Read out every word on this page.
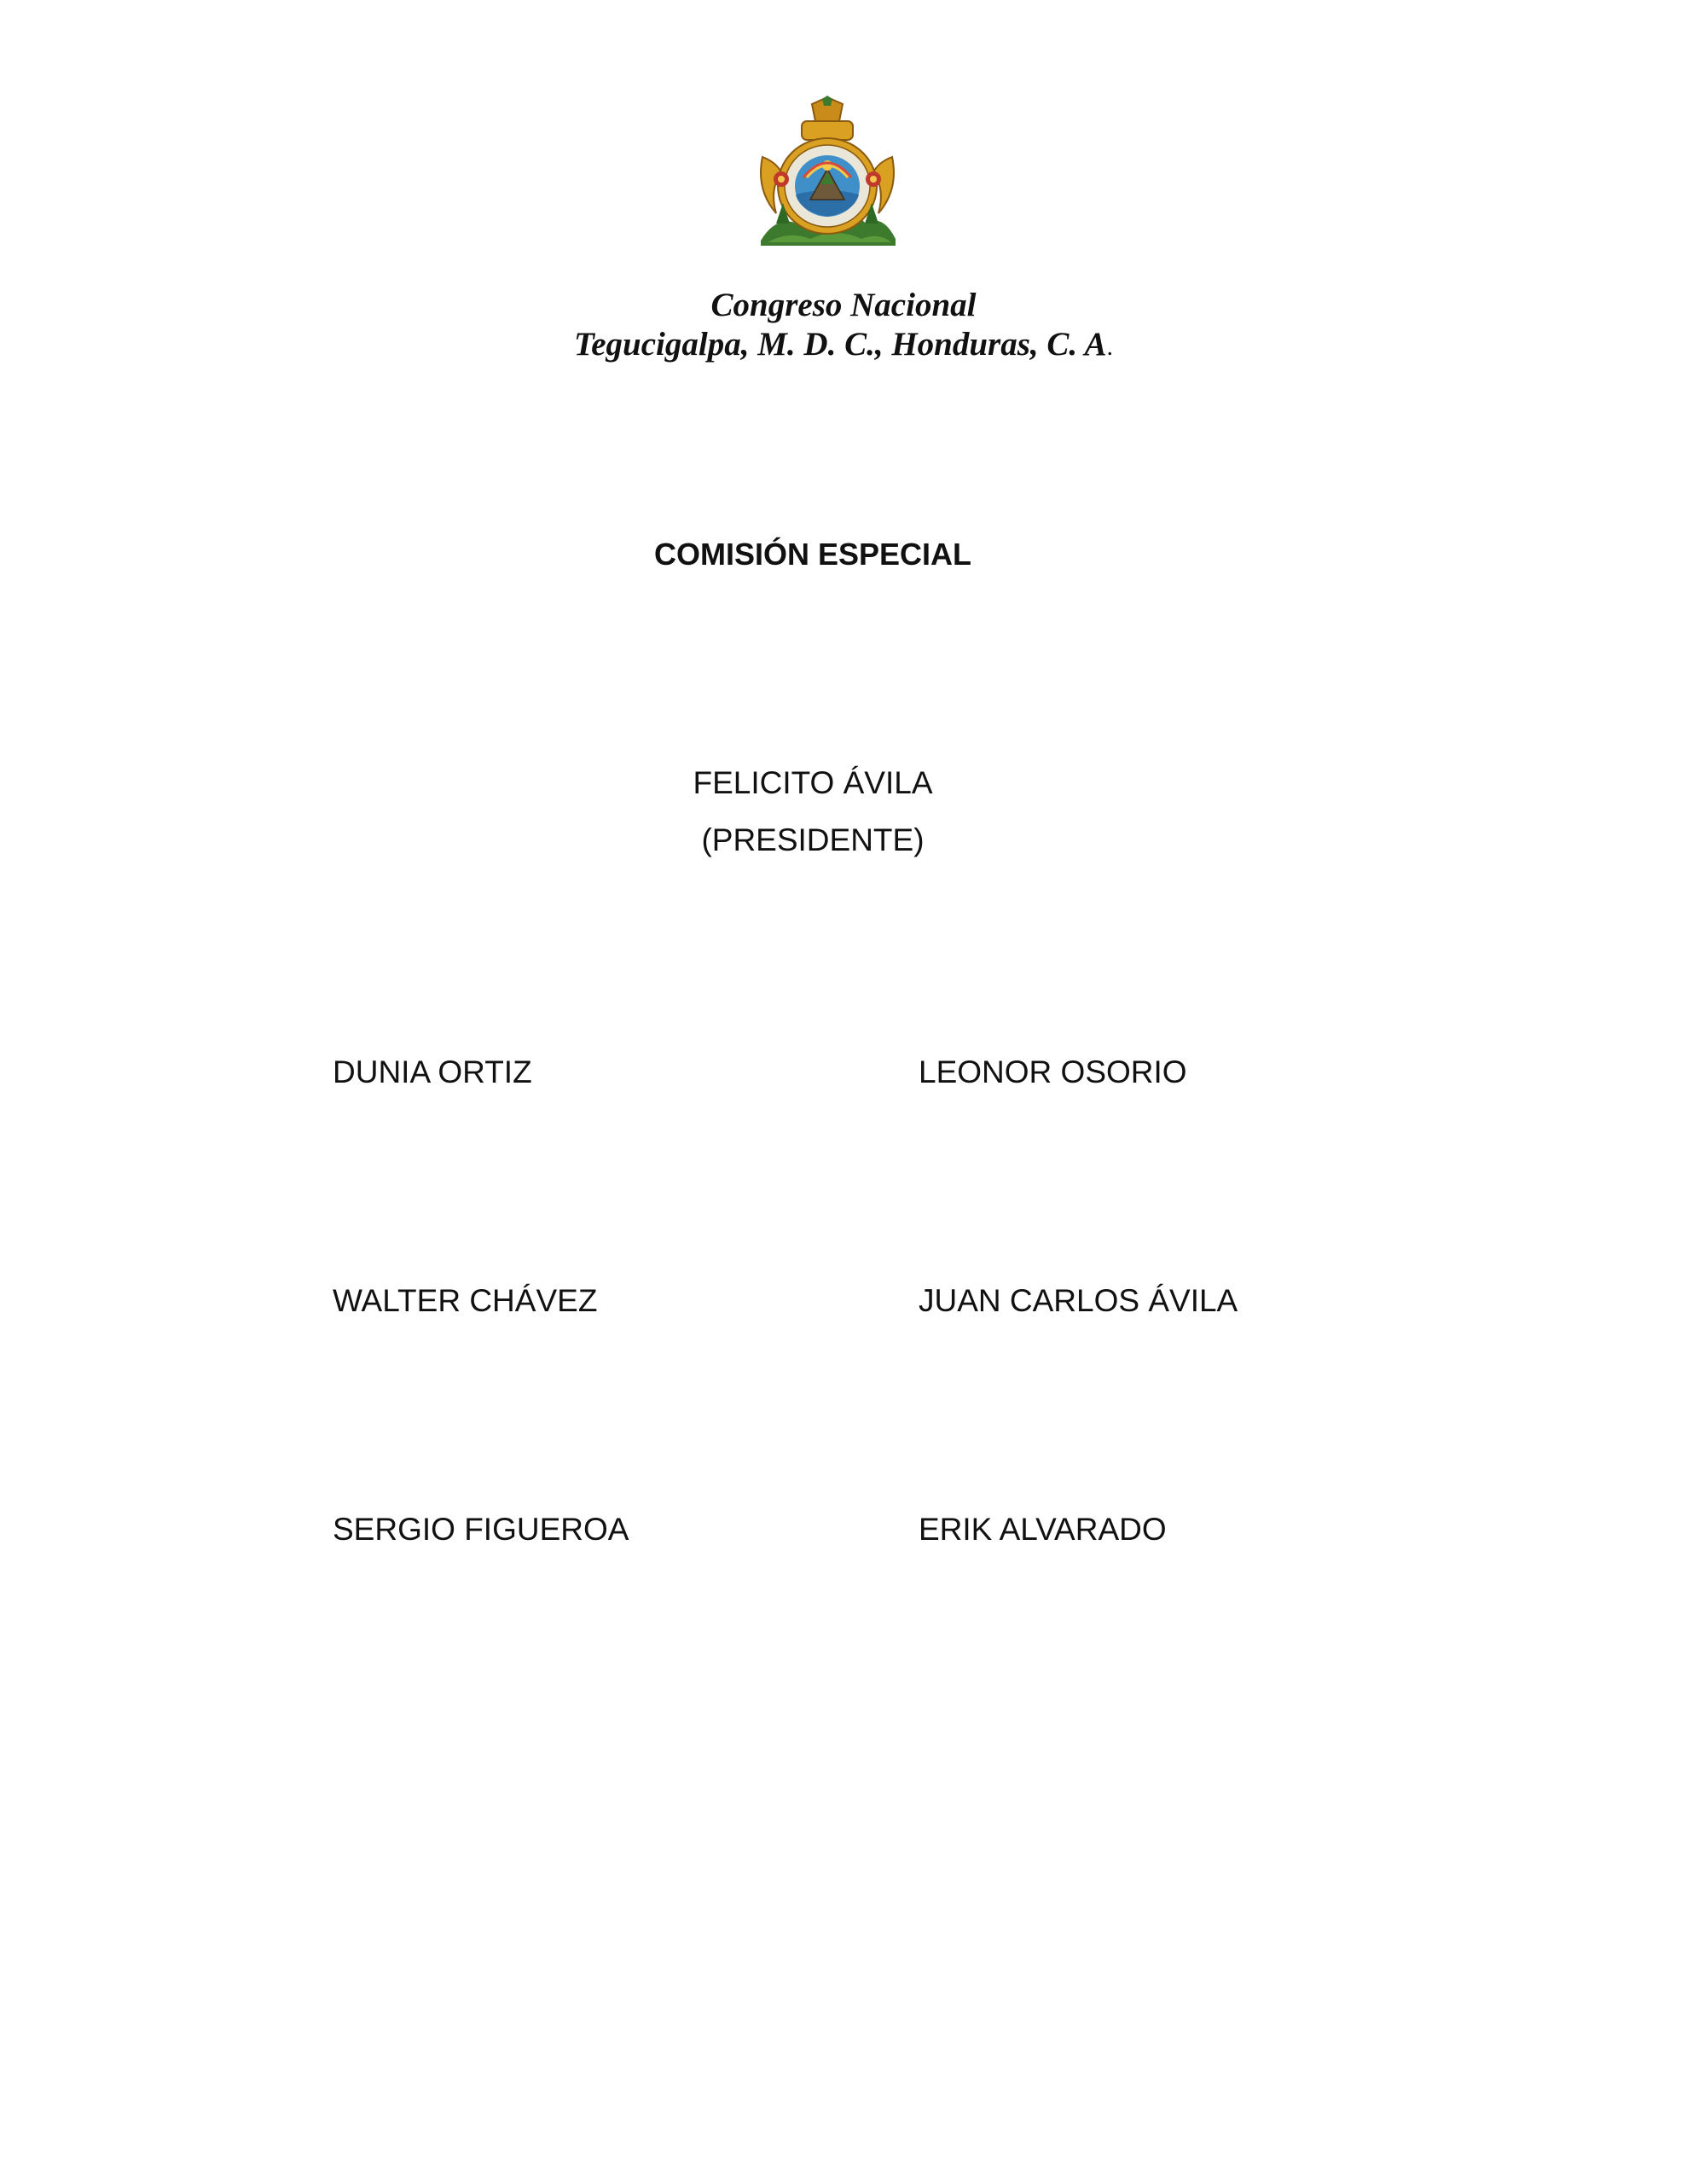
Congreso Nacional
Tegucigalpa, M. D. C., Honduras, C. A.
COMISIÓN ESPECIAL
FELICITO ÁVILA
(PRESIDENTE)
DUNIA ORTIZ	LEONOR OSORIO
WALTER CHÁVEZ	JUAN CARLOS ÁVILA
SERGIO FIGUEROA	ERIK ALVARADO
